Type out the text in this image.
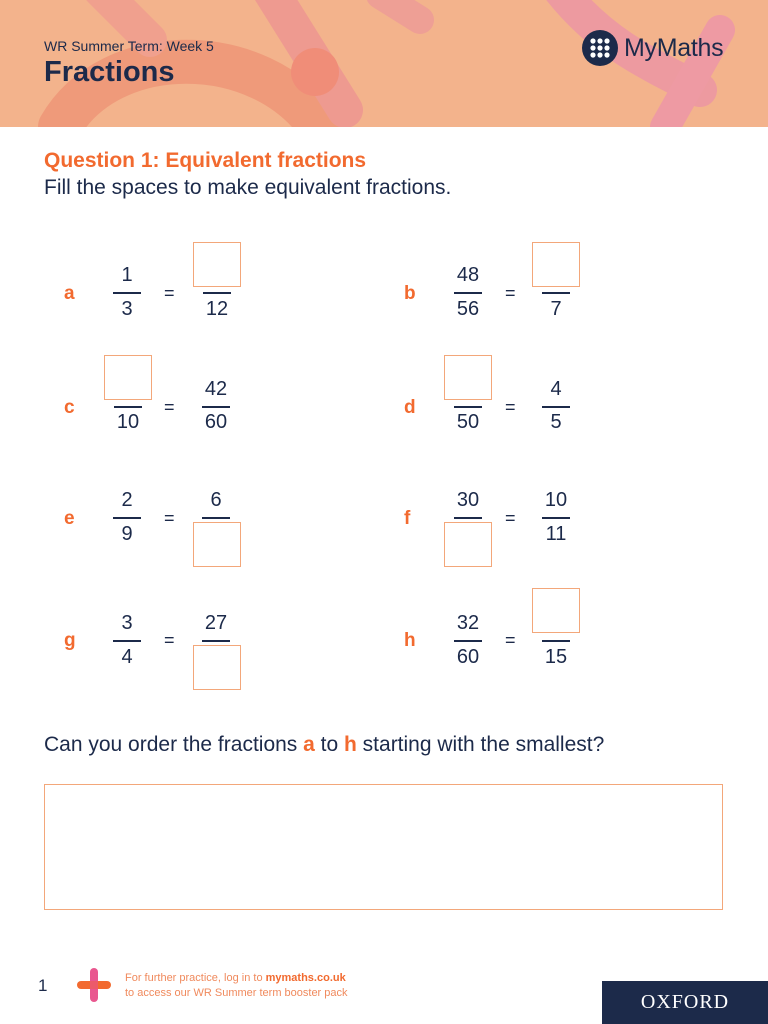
WR Summer Term: Week 5
Fractions
MyMaths
Question 1: Equivalent fractions
Fill the spaces to make equivalent fractions.
a
1
3
=
12
b
48
56
=
7
c
10
=
42
60
d
50
=
4
5
e
2
9
=
6
f
30
=
10
11
g
3
4
=
27
h
32
60
=
15
Can you order the fractions a to h starting with the smallest?
1	For further practice, log in to mymaths.co.uk
to access our WR Summer term booster pack	OXFORD
